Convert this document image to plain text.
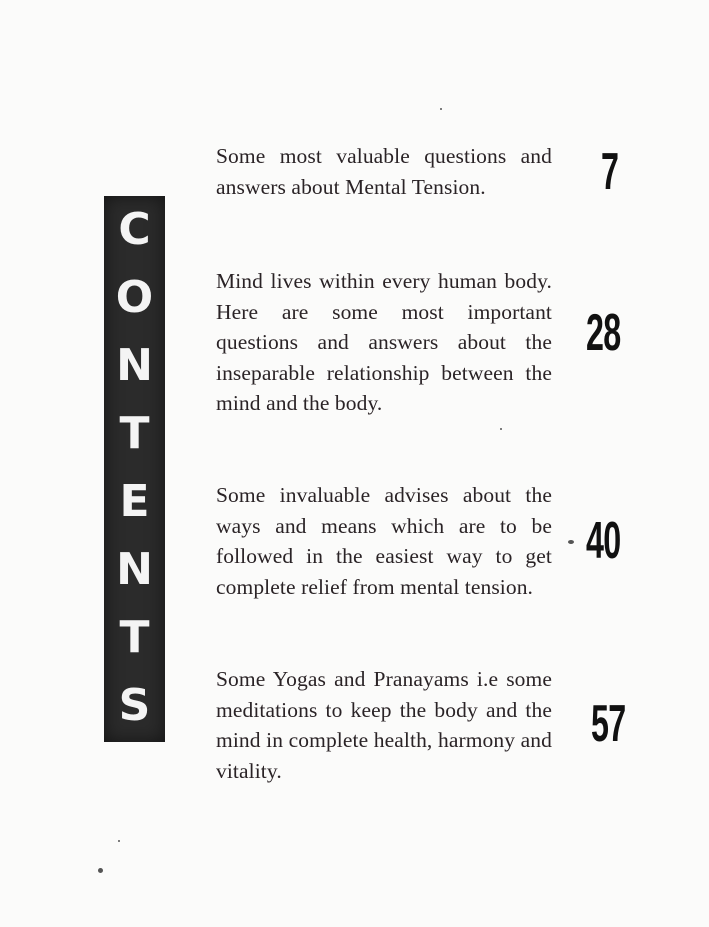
C
O
N
T
E
N
T
S
Some most valuable questions and answers about Mental Tension.	7
Mind lives within every human body. Here are some most important questions and answers about the inseparable relationship between the mind and the body.
28
Some invaluable advises about the ways and means which are to be followed in the easiest way to get complete relief from mental tension.
40
Some Yogas and Pranayams i.e some meditations to keep the body and the mind in complete health, harmony and vitality.
57
